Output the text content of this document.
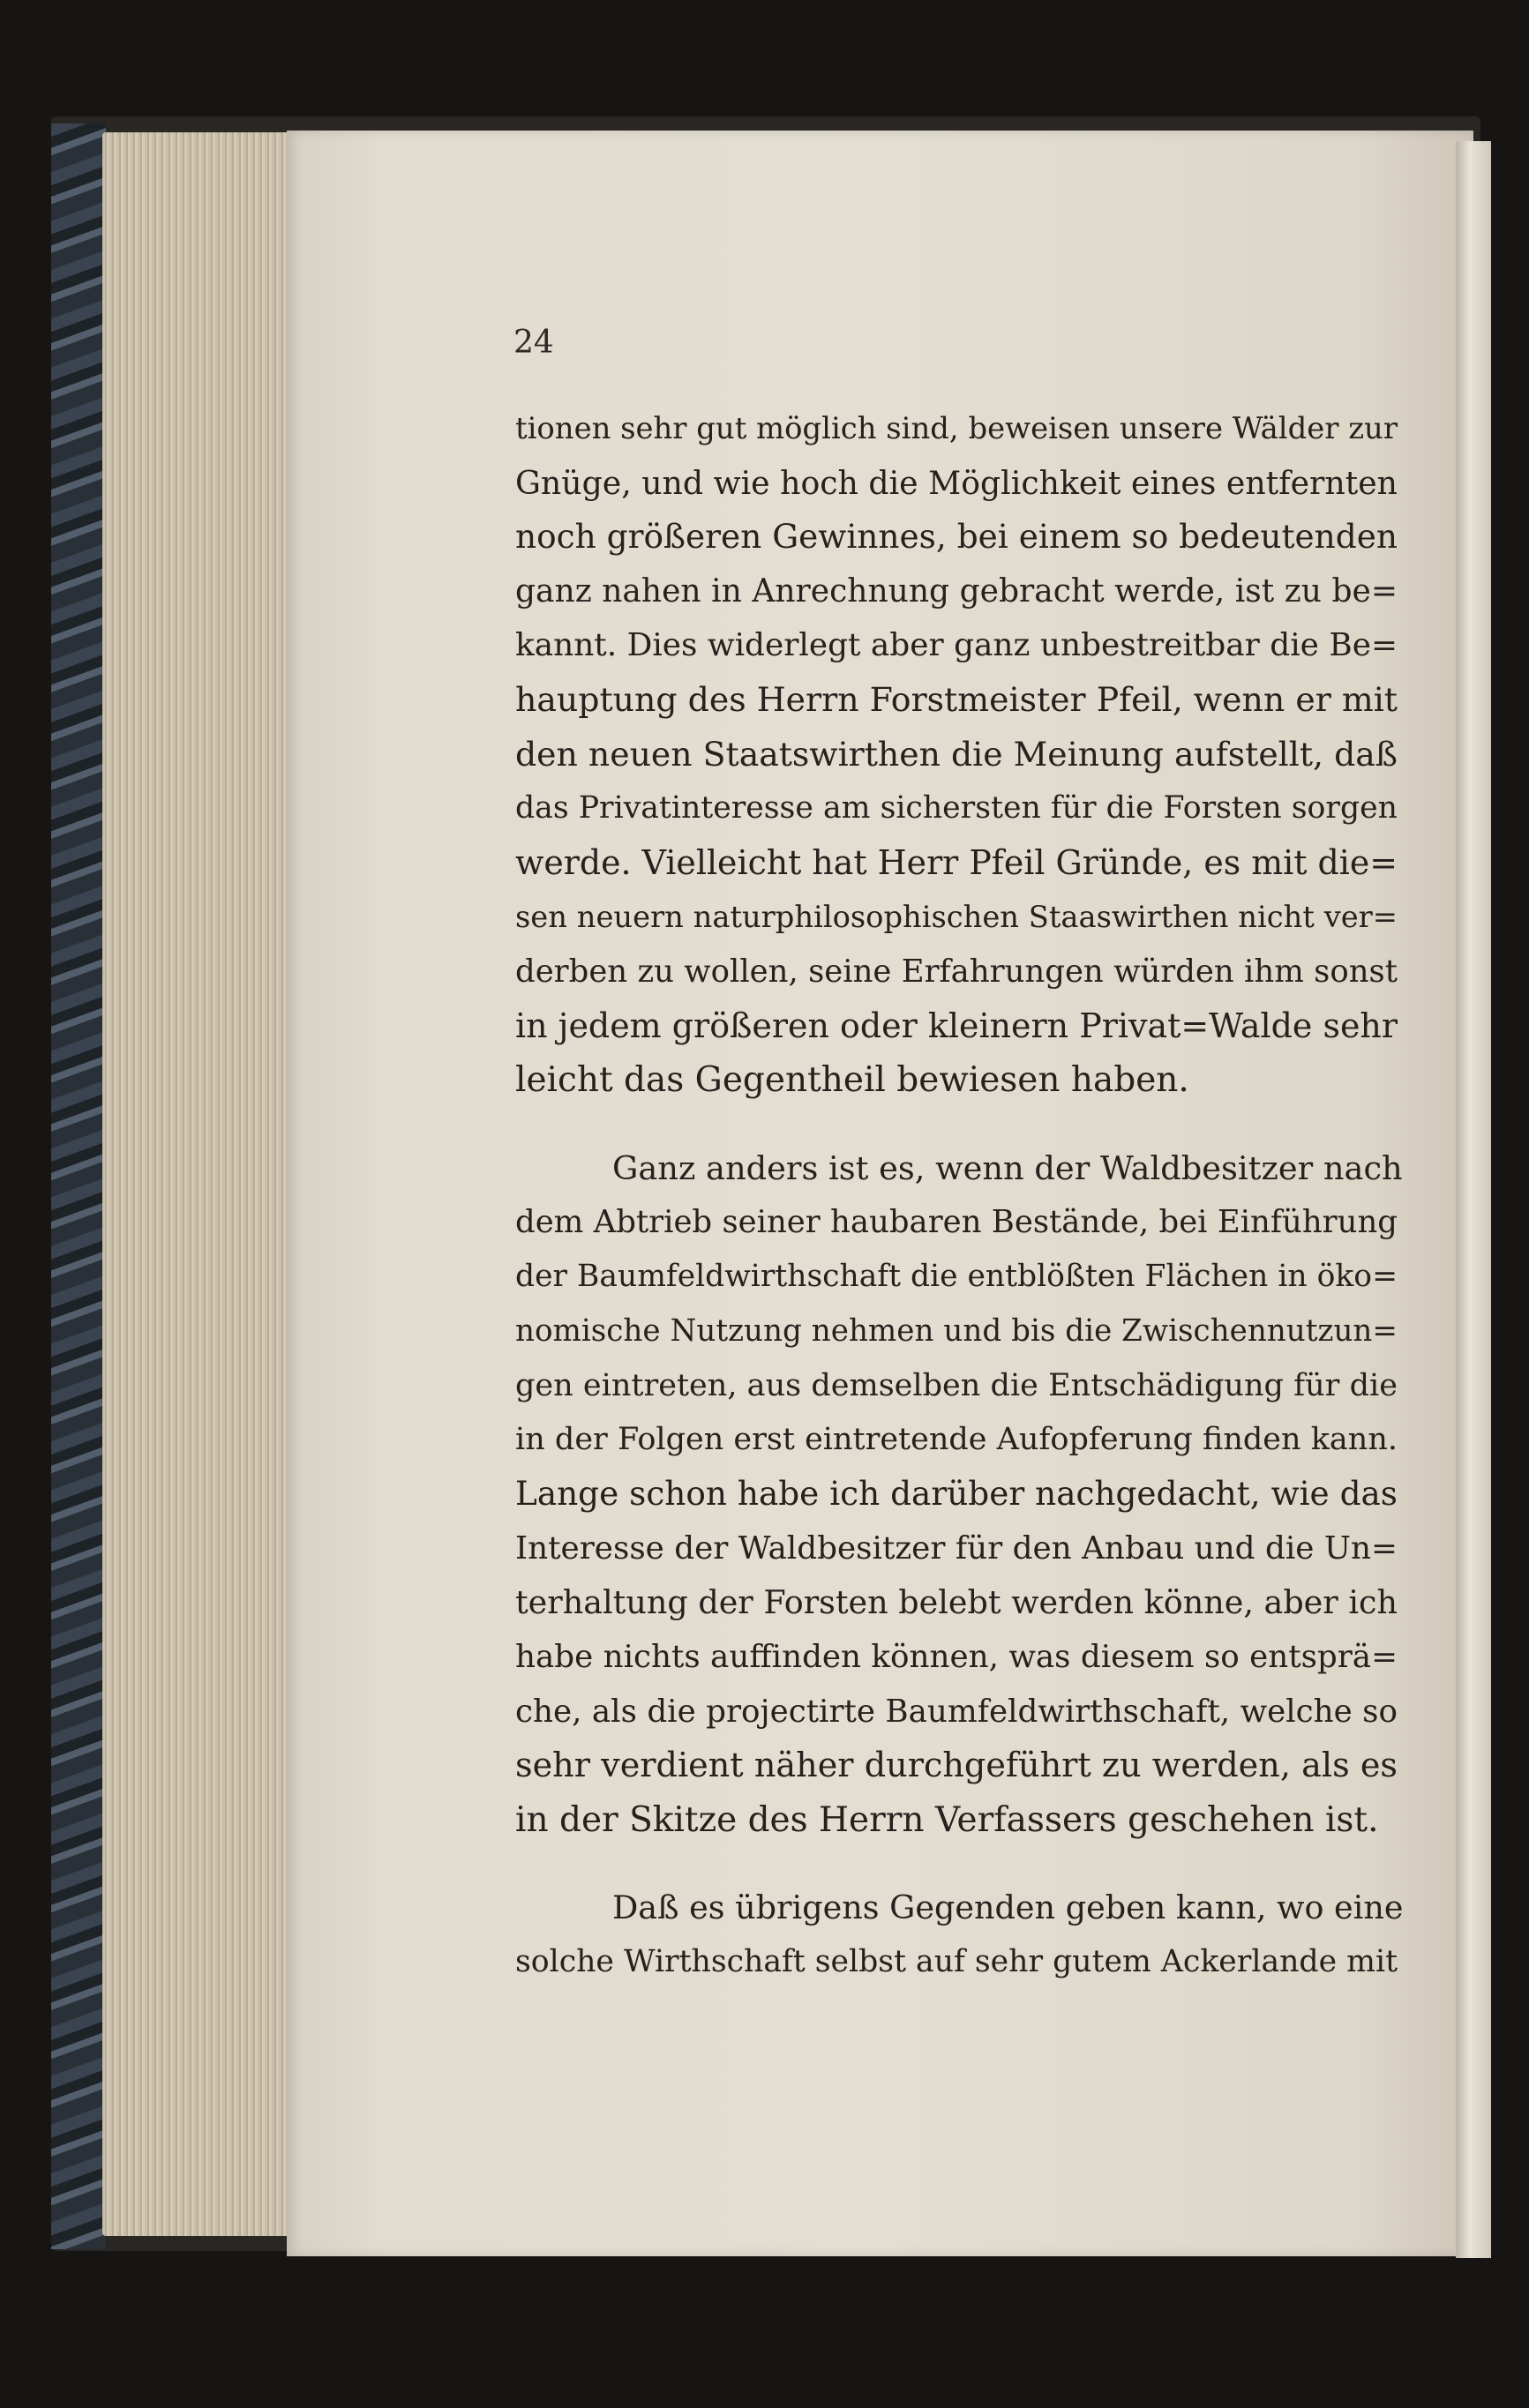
24
tionen sehr gut möglich sind, beweisen unsere Wälder zur
Gnüge, und wie hoch die Möglichkeit eines entfernten
noch größeren Gewinnes, bei einem so bedeutenden
ganz nahen in Anrechnung gebracht werde, ist zu be=
kannt. Dies widerlegt aber ganz unbestreitbar die Be=
hauptung des Herrn Forstmeister Pfeil, wenn er mit
den neuen Staatswirthen die Meinung aufstellt, daß
das Privatinteresse am sichersten für die Forsten sorgen
werde. Vielleicht hat Herr Pfeil Gründe, es mit die=
sen neuern naturphilosophischen Staaswirthen nicht ver=
derben zu wollen, seine Erfahrungen würden ihm sonst
in jedem größeren oder kleinern Privat=Walde sehr
leicht das Gegentheil bewiesen haben.
Ganz anders ist es, wenn der Waldbesitzer nach
dem Abtrieb seiner haubaren Bestände, bei Einführung
der Baumfeldwirthschaft die entblößten Flächen in öko=
nomische Nutzung nehmen und bis die Zwischennutzun=
gen eintreten, aus demselben die Entschädigung für die
in der Folgen erst eintretende Aufopferung finden kann.
Lange schon habe ich darüber nachgedacht, wie das
Interesse der Waldbesitzer für den Anbau und die Un=
terhaltung der Forsten belebt werden könne, aber ich
habe nichts auffinden können, was diesem so entsprä=
che, als die projectirte Baumfeldwirthschaft, welche so
sehr verdient näher durchgeführt zu werden, als es
in der Skitze des Herrn Verfassers geschehen ist.
Daß es übrigens Gegenden geben kann, wo eine
solche Wirthschaft selbst auf sehr gutem Ackerlande mit
